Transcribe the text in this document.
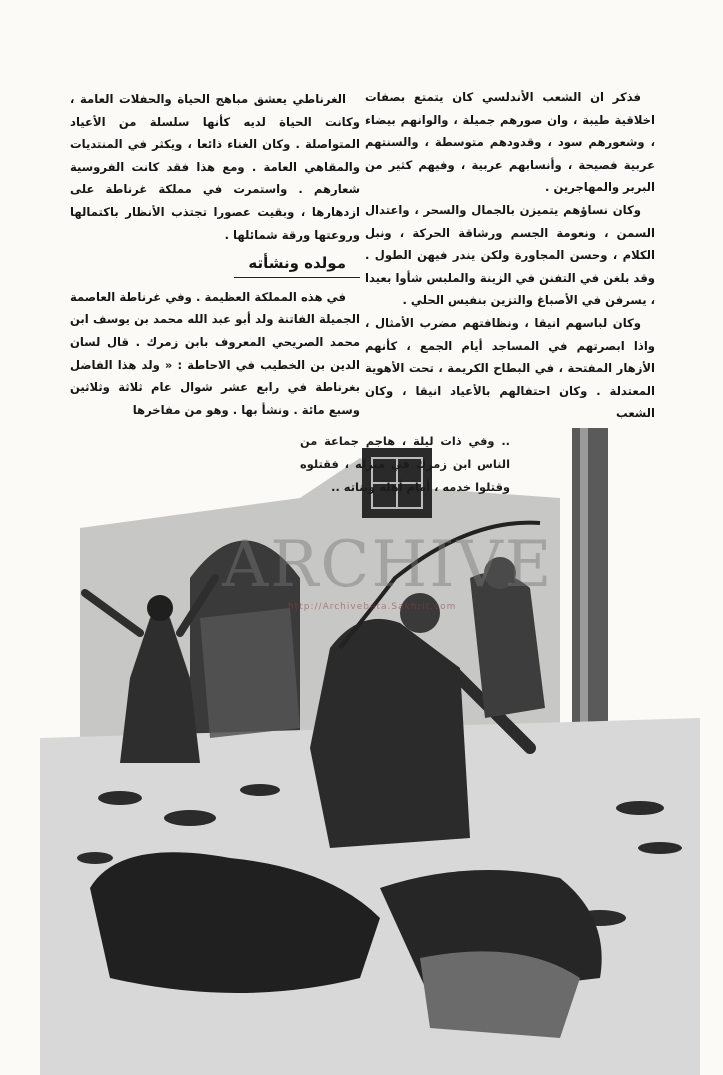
فذكر ان الشعب الأندلسي كان يتمتع بصفات اخلاقية طيبة ، وان صورهم جميلة ، والوانهم بيضاء ، وشعورهم سود ، وقدودهم متوسطة ، والسنتهم عربية فصيحة ، وأنسابهم عربية ، وفيهم كثير من البربر والمهاجرين .

وكان نساؤهم يتميزن بالجمال والسحر ، واعتدال السمن ، ونعومة الجسم ورشاقة الحركة ، ونبل الكلام ، وحسن المجاورة ولكن يندر فيهن الطول . وقد بلغن في التفنن في الزينة والملبس شأوا بعيدا ، يسرفن في الأصباغ والتزين بنفيس الحلي .

وكان لباسهم انيقا ، ونظافتهم مضرب الأمثال ، واذا ابصرتهم في المساجد أيام الجمع ، كأنهم الأزهار المفتحة ، في البطاح الكريمة ، تحت الأهوية المعتدلة . وكان احتفالهم بالأعياد انيقا ، وكان الشعب

الغرناطي يعشق مباهج الحياة والحفلات العامة ، وكانت الحياة لديه كأنها سلسلة من الأعياد المتواصلة . وكان الغناء ذائعا ، ويكثر في المنتديات والمقاهي العامة . ومع هذا فقد كانت الفروسية شعارهم . واستمرت في مملكة غرناطة على ازدهارها ، وبقيت عصورا تجتذب الأنظار باكتمالها وروعتها ورقة شمائلها .

مولده ونشأته

في هذه المملكة العظيمة . وفي غرناطة العاصمة الجميلة الفاتنة ولد أبو عبد الله محمد بن يوسف ابن محمد الصريحي المعروف بابن زمرك . قال لسان الدين بن الخطيب في الاحاطة : « ولد هذا الفاضل بغرناطة في رابع عشر شوال عام ثلاثة وثلاثين وسبع مائة . ونشأ بها . وهو من مفاخرها

.. وفي ذات ليلة ، هاجم جماعة من الناس ابن زمرك في منزله ، فقتلوه وقتلوا خدمه ، أمام أهله وبناته ..

ARCHIVE
http://Archivebeta.Sakhrit.com
